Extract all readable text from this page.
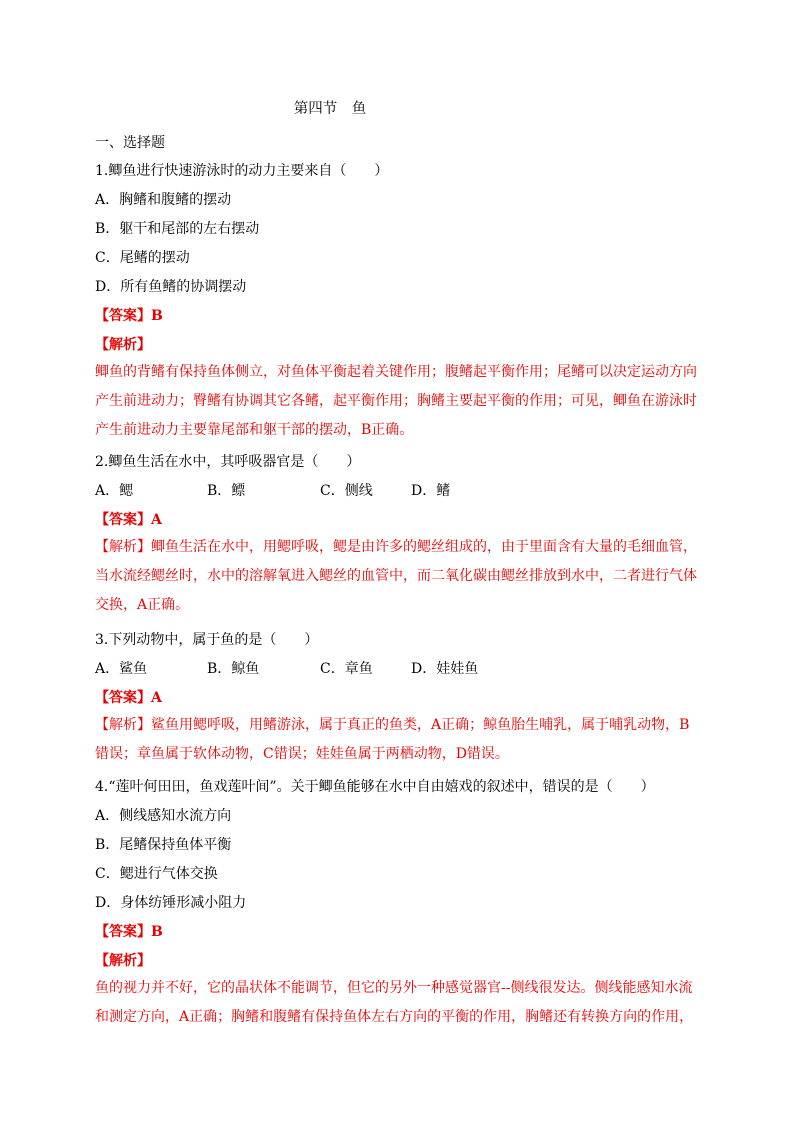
第四节　鱼
一、选择题
1.鲫鱼进行快速游泳时的动力主要来自（　　）
A．胸鳍和腹鳍的摆动
B．躯干和尾部的左右摆动
C．尾鳍的摆动
D．所有鱼鳍的协调摆动
【答案】B
【解析】
鲫鱼的背鳍有保持鱼体侧立，对鱼体平衡起着关键作用；腹鳍起平衡作用；尾鳍可以决定运动方向
产生前进动力；臀鳍有协调其它各鳍，起平衡作用；胸鳍主要起平衡的作用；可见，鲫鱼在游泳时
产生前进动力主要靠尾部和躯干部的摆动，B正确。
2.鲫鱼生活在水中，其呼吸器官是（　　）
A．鳃	B．鳔	C．侧线	D．鳍
【答案】A
【解析】鲫鱼生活在水中，用鳃呼吸，鳃是由许多的鳃丝组成的，由于里面含有大量的毛细血管，
当水流经鳃丝时，水中的溶解氧进入鳃丝的血管中，而二氧化碳由鳃丝排放到水中，二者进行气体
交换，A正确。
3.下列动物中，属于鱼的是（　　）
A．鲨鱼	B．鲸鱼	C．章鱼	D．娃娃鱼
【答案】A
【解析】鲨鱼用鳃呼吸，用鳍游泳，属于真正的鱼类，A正确；鲸鱼胎生哺乳，属于哺乳动物，B
错误；章鱼属于软体动物，C错误；娃娃鱼属于两栖动物，D错误。
4.“莲叶何田田，鱼戏莲叶间”。关于鲫鱼能够在水中自由嬉戏的叙述中，错误的是（　　）
A．侧线感知水流方向
B．尾鳍保持鱼体平衡
C．鳃进行气体交换
D．身体纺锤形减小阻力
【答案】B
【解析】
鱼的视力并不好，它的晶状体不能调节，但它的另外一种感觉器官--侧线很发达。侧线能感知水流
和测定方向，A正确；胸鳍和腹鳍有保持鱼体左右方向的平衡的作用，胸鳍还有转换方向的作用，
